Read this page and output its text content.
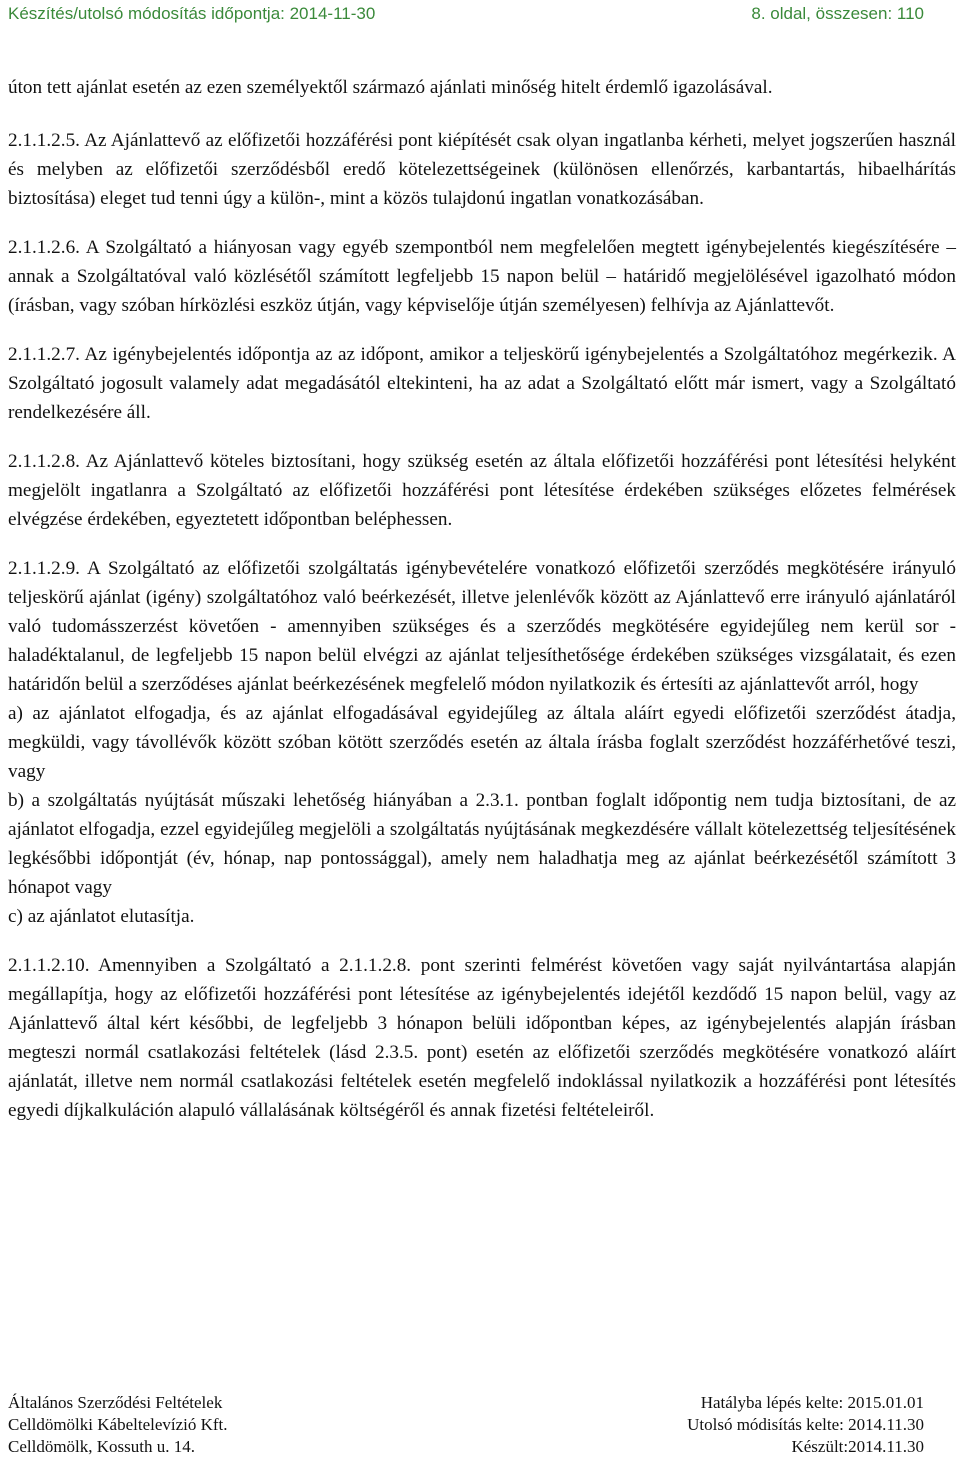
Készítés/utolsó módosítás időpontja: 2014-11-30	8. oldal, összesen: 110

úton tett ajánlat esetén az ezen személyektől származó ajánlati minőség hitelt érdemlő igazolásával.

2.1.1.2.5. Az Ajánlattevő az előfizetői hozzáférési pont kiépítését csak olyan ingatlanba kérheti, melyet jogszerűen használ és melyben az előfizetői szerződésből eredő kötelezettségeinek (különösen ellenőrzés, karbantartás, hibaelhárítás biztosítása) eleget tud tenni úgy a külön-, mint a közös tulajdonú ingatlan vonatkozásában.

2.1.1.2.6. A Szolgáltató a hiányosan vagy egyéb szempontból nem megfelelően megtett igénybejelentés kiegészítésére – annak a Szolgáltatóval való közlésétől számított legfeljebb 15 napon belül – határidő megjelölésével igazolható módon (írásban, vagy szóban hírközlési eszköz útján, vagy képviselője útján személyesen) felhívja az Ajánlattevőt.

2.1.1.2.7. Az igénybejelentés időpontja az az időpont, amikor a teljeskörű igénybejelentés a Szolgáltatóhoz megérkezik. A Szolgáltató jogosult valamely adat megadásától eltekinteni, ha az adat a Szolgáltató előtt már ismert, vagy a Szolgáltató rendelkezésére áll.

2.1.1.2.8. Az Ajánlattevő köteles biztosítani, hogy szükség esetén az általa előfizetői hozzáférési pont létesítési helyként megjelölt ingatlanra a Szolgáltató az előfizetői hozzáférési pont létesítése érdekében szükséges előzetes felmérések elvégzése érdekében, egyeztetett időpontban beléphessen.

2.1.1.2.9. A Szolgáltató az előfizetői szolgáltatás igénybevételére vonatkozó előfizetői szerződés megkötésére irányuló teljeskörű ajánlat (igény) szolgáltatóhoz való beérkezését, illetve jelenlévők között az Ajánlattevő erre irányuló ajánlatáról való tudomásszerzést követően - amennyiben szükséges és a szerződés megkötésére egyidejűleg nem kerül sor - haladéktalanul, de legfeljebb 15 napon belül elvégzi az ajánlat teljesíthetősége érdekében szükséges vizsgálatait, és ezen határidőn belül a szerződéses ajánlat beérkezésének megfelelő módon nyilatkozik és értesíti az ajánlattevőt arról, hogy
a) az ajánlatot elfogadja, és az ajánlat elfogadásával egyidejűleg az általa aláírt egyedi előfizetői szerződést átadja, megküldi, vagy távollévők között szóban kötött szerződés esetén az általa írásba foglalt szerződést hozzáférhetővé teszi, vagy
b) a szolgáltatás nyújtását műszaki lehetőség hiányában a 2.3.1. pontban foglalt időpontig nem tudja biztosítani, de az ajánlatot elfogadja, ezzel egyidejűleg megjelöli a szolgáltatás nyújtásának megkezdésére vállalt kötelezettség teljesítésének legkésőbbi időpontját (év, hónap, nap pontossággal), amely nem haladhatja meg az ajánlat beérkezésétől számított 3 hónapot vagy
c) az ajánlatot elutasítja.

2.1.1.2.10. Amennyiben a Szolgáltató a 2.1.1.2.8. pont szerinti felmérést követően vagy saját nyilvántartása alapján megállapítja, hogy az előfizetői hozzáférési pont létesítése az igénybejelentés idejétől kezdődő 15 napon belül, vagy az Ajánlattevő által kért későbbi, de legfeljebb 3 hónapon belüli időpontban képes, az igénybejelentés alapján írásban megteszi normál csatlakozási feltételek (lásd 2.3.5. pont) esetén az előfizetői szerződés megkötésére vonatkozó aláírt ajánlatát, illetve nem normál csatlakozási feltételek esetén megfelelő indoklással nyilatkozik a hozzáférési pont létesítés egyedi díjkalkuláción alapuló vállalásának költségéről és annak fizetési feltételeiről.

Általános Szerződési Feltételek	Hatályba lépés kelte: 2015.01.01
Celldömölki Kábeltelevízió Kft.	Utolsó módisítás kelte: 2014.11.30
Celldömölk, Kossuth u. 14.	Készült:2014.11.30
